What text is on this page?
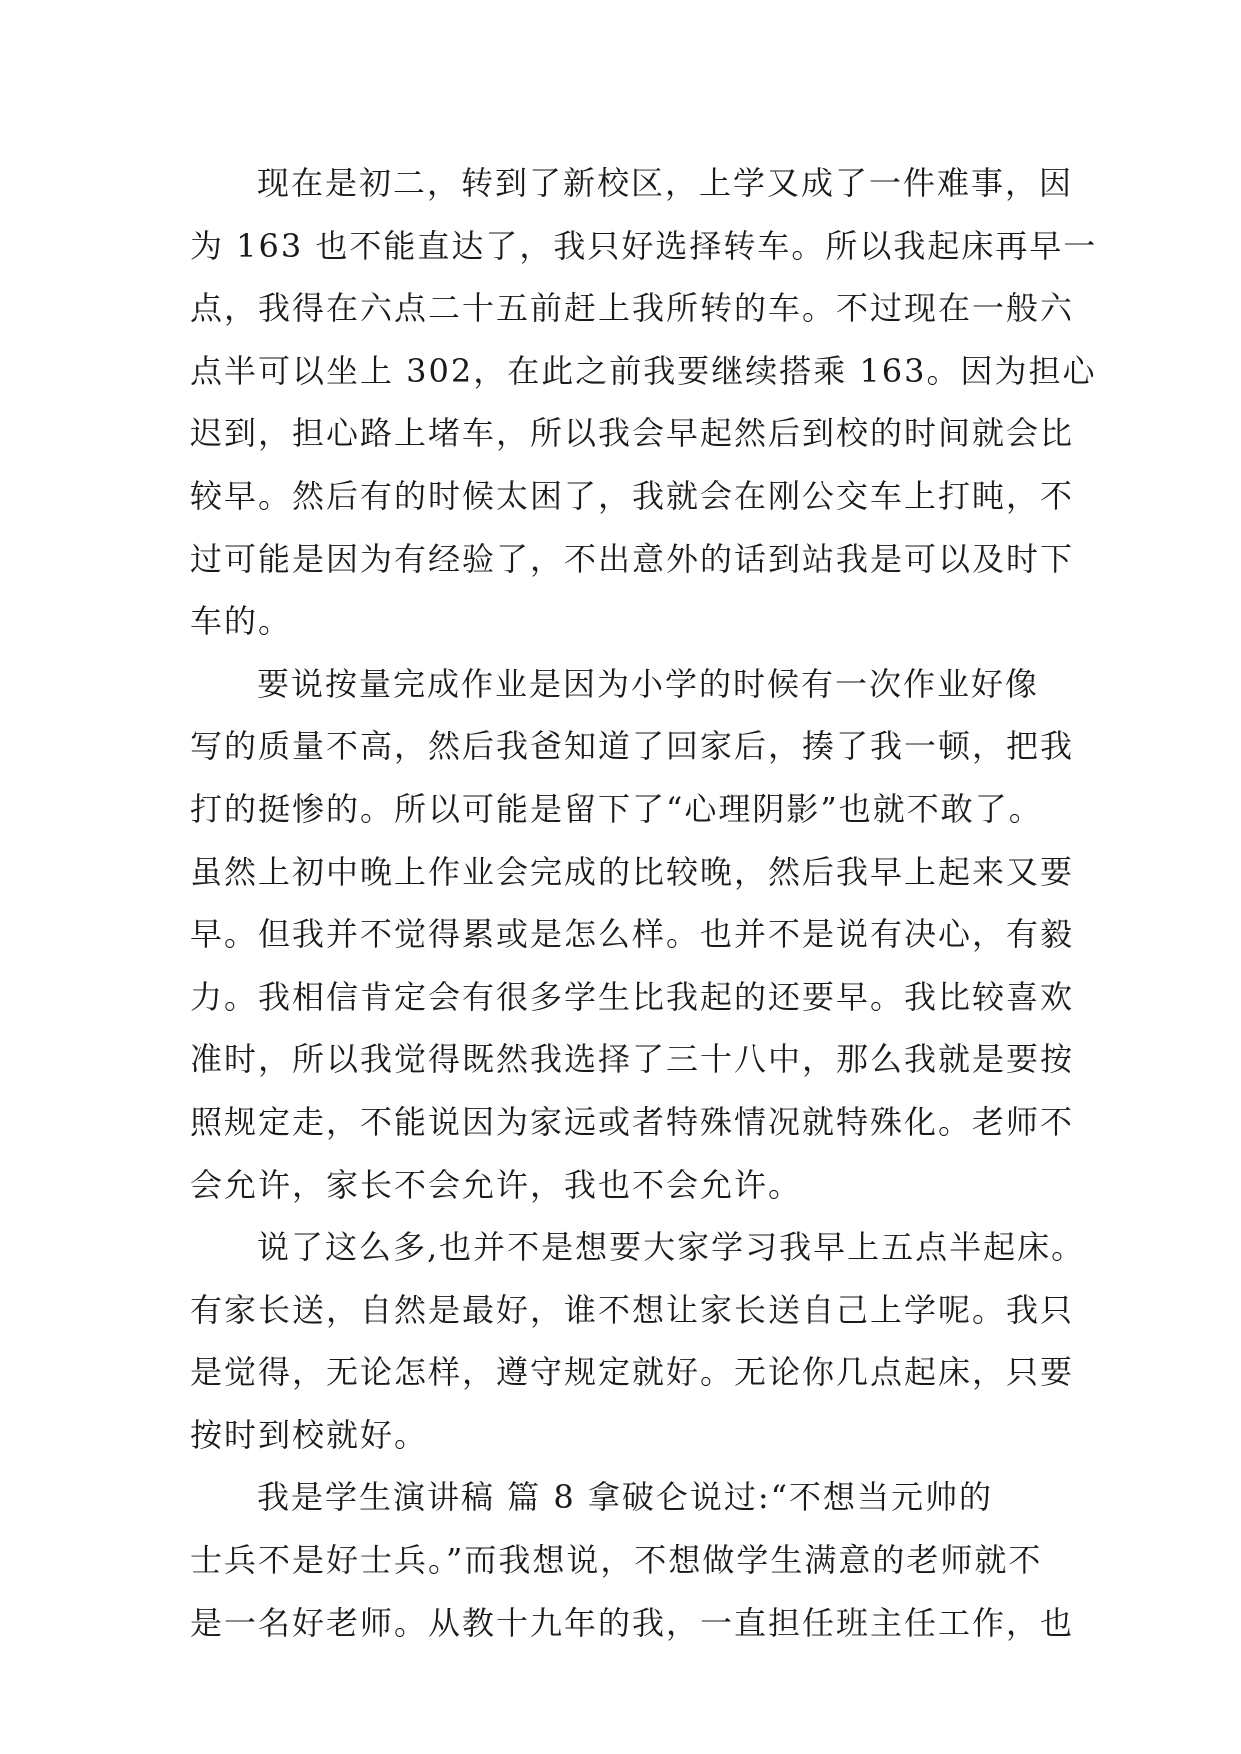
现在是初二，转到了新校区，上学又成了一件难事，因
为 163 也不能直达了，我只好选择转车。所以我起床再早一
点，我得在六点二十五前赶上我所转的车。不过现在一般六
点半可以坐上 302，在此之前我要继续搭乘 163。因为担心
迟到，担心路上堵车，所以我会早起然后到校的时间就会比
较早。然后有的时候太困了，我就会在刚公交车上打盹，不
过可能是因为有经验了，不出意外的话到站我是可以及时下
车的。
要说按量完成作业是因为小学的时候有一次作业好像
写的质量不高，然后我爸知道了回家后，揍了我一顿，把我
打的挺惨的。所以可能是留下了“心理阴影”也就不敢了。
虽然上初中晚上作业会完成的比较晚，然后我早上起来又要
早。但我并不觉得累或是怎么样。也并不是说有决心，有毅
力。我相信肯定会有很多学生比我起的还要早。我比较喜欢
准时，所以我觉得既然我选择了三十八中，那么我就是要按
照规定走，不能说因为家远或者特殊情况就特殊化。老师不
会允许，家长不会允许，我也不会允许。
说了这么多,也并不是想要大家学习我早上五点半起床。
有家长送，自然是最好，谁不想让家长送自己上学呢。我只
是觉得，无论怎样，遵守规定就好。无论你几点起床，只要
按时到校就好。
我是学生演讲稿 篇 8 拿破仑说过:“不想当元帅的
士兵不是好士兵。”而我想说，不想做学生满意的老师就不
是一名好老师。从教十九年的我，一直担任班主任工作，也
